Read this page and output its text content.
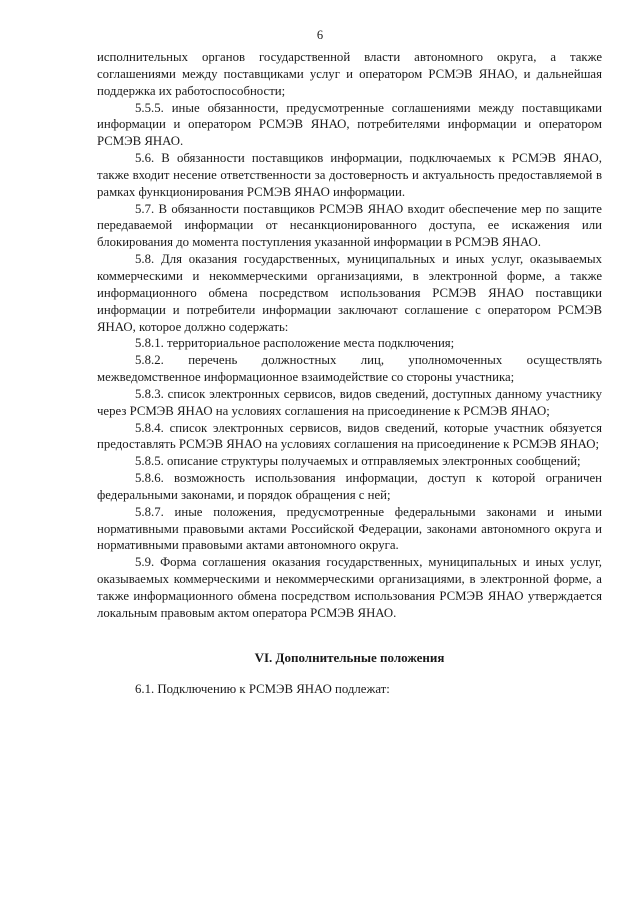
6

исполнительных органов государственной власти автономного округа, а также соглашениями между поставщиками услуг и оператором РСМЭВ ЯНАО, и дальнейшая поддержка их работоспособности;

5.5.5. иные обязанности, предусмотренные соглашениями между поставщиками информации и оператором РСМЭВ ЯНАО, потребителями информации и оператором РСМЭВ ЯНАО.

5.6. В обязанности поставщиков информации, подключаемых к РСМЭВ ЯНАО, также входит несение ответственности за достоверность и актуальность предоставляемой в рамках функционирования РСМЭВ ЯНАО информации.

5.7. В обязанности поставщиков РСМЭВ ЯНАО входит обеспечение мер по защите передаваемой информации от несанкционированного доступа, ее искажения или блокирования до момента поступления указанной информации в РСМЭВ ЯНАО.

5.8. Для оказания государственных, муниципальных и иных услуг, оказываемых коммерческими и некоммерческими организациями, в электронной форме, а также информационного обмена посредством использования РСМЭВ ЯНАО поставщики информации и потребители информации заключают соглашение с оператором РСМЭВ ЯНАО, которое должно содержать:

5.8.1. территориальное расположение места подключения;

5.8.2. перечень должностных лиц, уполномоченных осуществлять межведомственное информационное взаимодействие со стороны участника;

5.8.3. список электронных сервисов, видов сведений, доступных данному участнику через РСМЭВ ЯНАО на условиях соглашения на присоединение к РСМЭВ ЯНАО;

5.8.4. список электронных сервисов, видов сведений, которые участник обязуется предоставлять РСМЭВ ЯНАО на условиях соглашения на присоединение к РСМЭВ ЯНАО;

5.8.5. описание структуры получаемых и отправляемых электронных сообщений;

5.8.6. возможность использования информации, доступ к которой ограничен федеральными законами, и порядок обращения с ней;

5.8.7. иные положения, предусмотренные федеральными законами и иными нормативными правовыми актами Российской Федерации, законами автономного округа и нормативными правовыми актами автономного округа.

5.9. Форма соглашения оказания государственных, муниципальных и иных услуг, оказываемых коммерческими и некоммерческими организациями, в электронной форме, а также информационного обмена посредством использования РСМЭВ ЯНАО утверждается локальным правовым актом оператора РСМЭВ ЯНАО.

VI. Дополнительные положения

6.1. Подключению к РСМЭВ ЯНАО подлежат:
